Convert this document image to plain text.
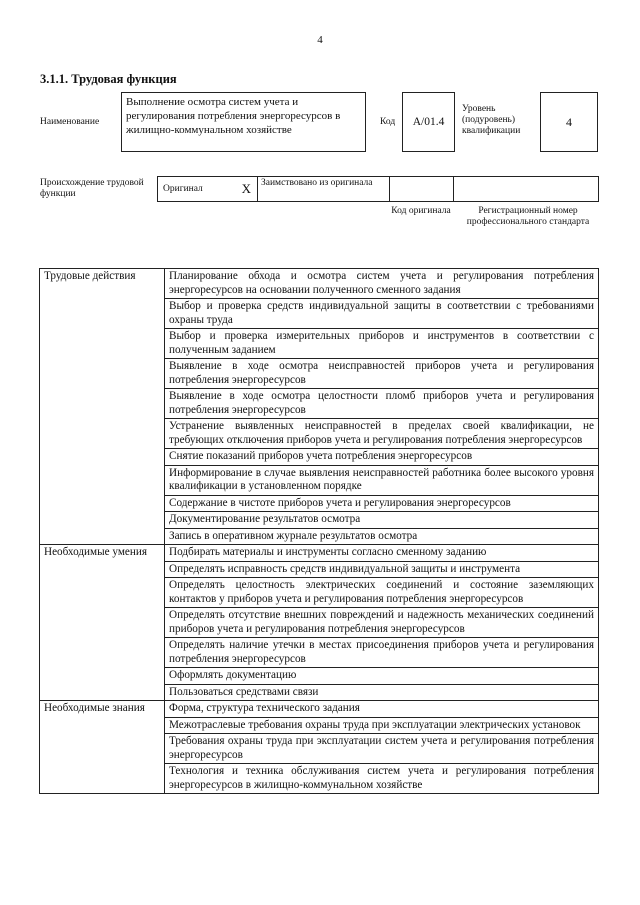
4
3.1.1. Трудовая функция
Наименование
Выполнение осмотра систем учета и регулирования потребления энергоресурсов в жилищно-коммунальном хозяйстве
Код	А/01.4
Уровень (подуровень) квалификации
4
Происхождение трудовой функции	Оригинал	X	Заимствовано из оригинала
Код оригинала	Регистрационный номер профессионального стандарта
Трудовые действия	Планирование обхода и осмотра систем учета и регулирования потребления энергоресурсов на основании полученного сменного задания
	Выбор и проверка средств индивидуальной защиты в соответствии с требованиями охраны труда
	Выбор и проверка измерительных приборов и инструментов в соответствии с полученным заданием
	Выявление в ходе осмотра неисправностей приборов учета и регулирования потребления энергоресурсов
	Выявление в ходе осмотра целостности пломб приборов учета и регулирования потребления энергоресурсов
	Устранение выявленных неисправностей в пределах своей квалификации, не требующих отключения приборов учета и регулирования потребления энергоресурсов
	Снятие показаний приборов учета потребления энергоресурсов
	Информирование в случае выявления неисправностей работника более высокого уровня квалификации в установленном порядке
	Содержание в чистоте приборов учета и регулирования энергоресурсов
	Документирование результатов осмотра
	Запись в оперативном журнале результатов осмотра
Необходимые умения	Подбирать материалы и инструменты согласно сменному заданию
	Определять исправность средств индивидуальной защиты и инструмента
	Определять целостность электрических соединений и состояние заземляющих контактов у приборов учета и регулирования потребления энергоресурсов
	Определять отсутствие внешних повреждений и надежность механических соединений приборов учета и регулирования потребления энергоресурсов
	Определять наличие утечки в местах присоединения приборов учета и регулирования потребления энергоресурсов
	Оформлять документацию
	Пользоваться средствами связи
Необходимые знания	Форма, структура технического задания
	Межотраслевые требования охраны труда при эксплуатации электрических установок
	Требования охраны труда при эксплуатации систем учета и регулирования потребления энергоресурсов
	Технология и техника обслуживания систем учета и регулирования потребления энергоресурсов в жилищно-коммунальном хозяйстве
